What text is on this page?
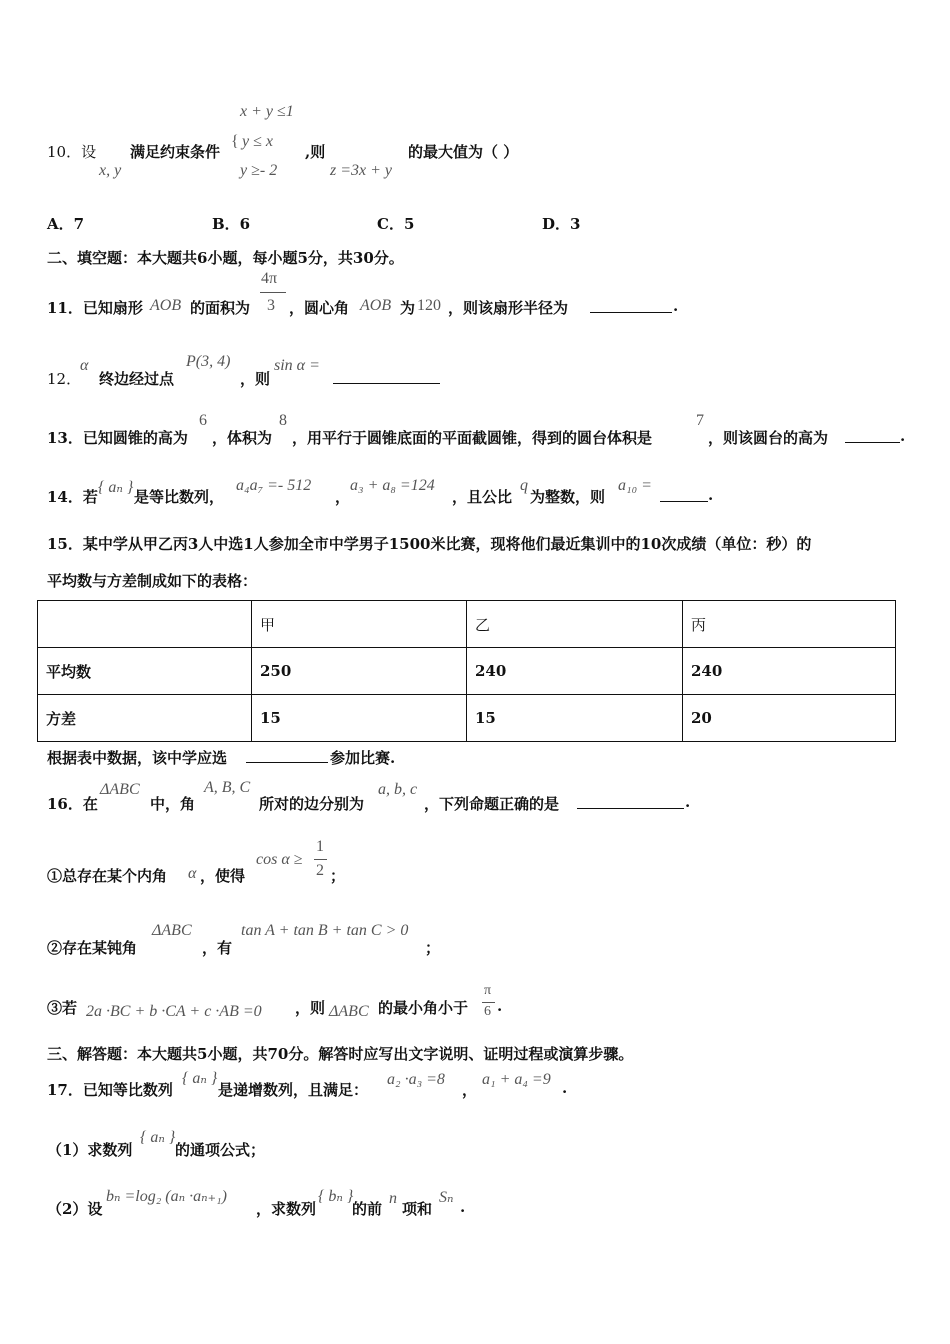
x + y ≤1
{ y ≤ x
y ≥- 2
10．设
x, y
满足约束条件	,则
z =3x + y
的最大值为（ ）
A．7	B．6	C．5	D．3
二、填空题：本大题共6小题，每小题5分，共30分。
11．已知扇形 AOB 的面积为
4π
3 ，圆心角 AOB 为 120 ，则该扇形半径为	.
12．
α
终边经过点
P(3, 4)
，则
sin α =
13．已知圆锥的高为
6
，体积为
8
，用平行于圆锥底面的平面截圆锥，得到的圆台体积是
7
，则该圆台的高为	.
14．若
{ aₙ }
是等比数列，
a₄a₇ =- 512
，
a₃ + a₈ =124
，且公比
q
为整数，则
a₁₀ =
.
15．某中学从甲乙丙3人中选1人参加全市中学男子1500米比赛，现将他们最近集训中的10次成绩（单位：秒）的
平均数与方差制成如下的表格：
	甲	乙	丙
平均数	250	240	240
方差	15	15	20
根据表中数据，该中学应选	参加比赛.
16．在
ΔABC
中，角
A, B, C
所对的边分别为
a, b, c
，下列命题正确的是	.
①总存在某个内角 α ，使得
cos α ≥
1
2 ；
②存在某钝角
ΔABC
，有
tan A + tan B + tan C > 0
；
③若 2a ·BC + b ·CA + c ·AB =0 ，则 ΔABC 的最小角小于
π
6 .
三、解答题：本大题共5小题，共70分。解答时应写出文字说明、证明过程或演算步骤。
17．已知等比数列
{ aₙ }
是递增数列，且满足：
a₂ ·a₃ =8
，
a₁ + a₄ =9 .
（1）求数列
{ aₙ }
的通项公式；
（2）设
bₙ =log₂ (aₙ ·aₙ₊₁)
，求数列
{ bₙ }
的前
n
项和
Sₙ
.
